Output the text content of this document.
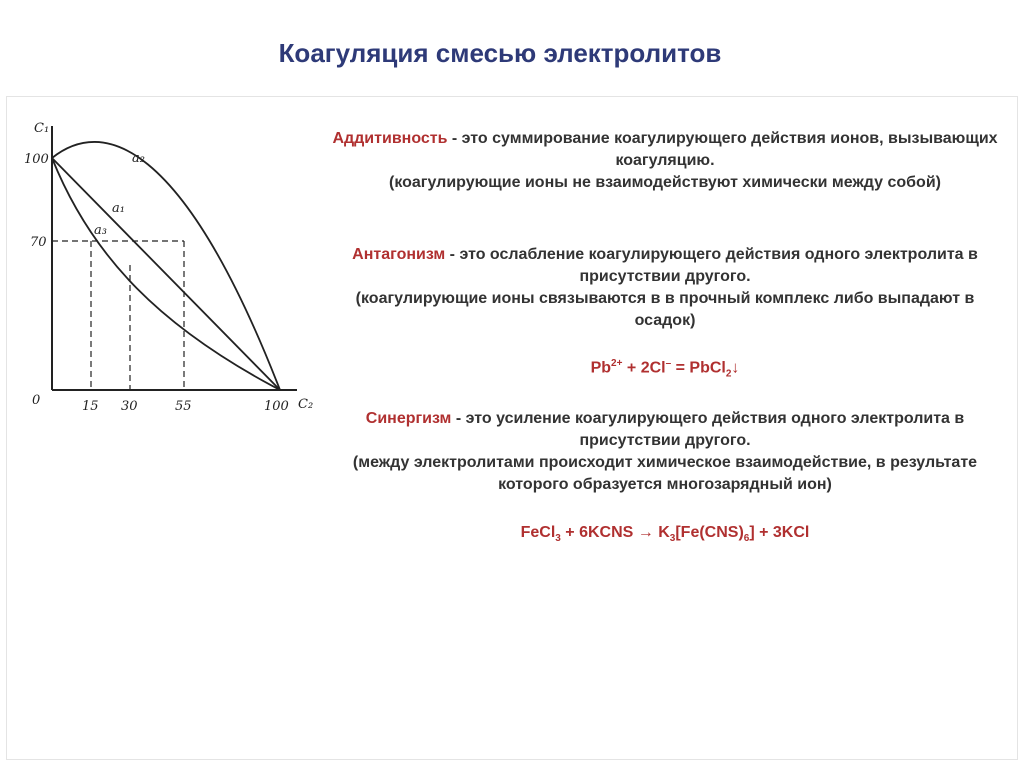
Коагуляция смесью электролитов
C₁
C₂
0
100
70
15 30	55	100
a₂
a₁
a₃
Аддитивность - это суммирование коагулирующего действия ионов, вызывающих коагуляцию.
(коагулирующие ионы не взаимодействуют химически между собой)
Антагонизм - это ослабление коагулирующего действия одного электролита в присутствии другого.
(коагулирующие ионы связываются в в прочный комплекс либо выпадают в осадок)
$Pb^{2+} + 2Cl^-$ = PbCl$_2$↓
Синергизм - это усиление коагулирующего действия одного электролита в присутствии другого.
(между электролитами происходит химическое взаимодействие, в результате которого образуется многозарядный ион)
FeCl$_3$ + 6KCNS → $K_3[Fe(CNS)_6] + 3KCl$
